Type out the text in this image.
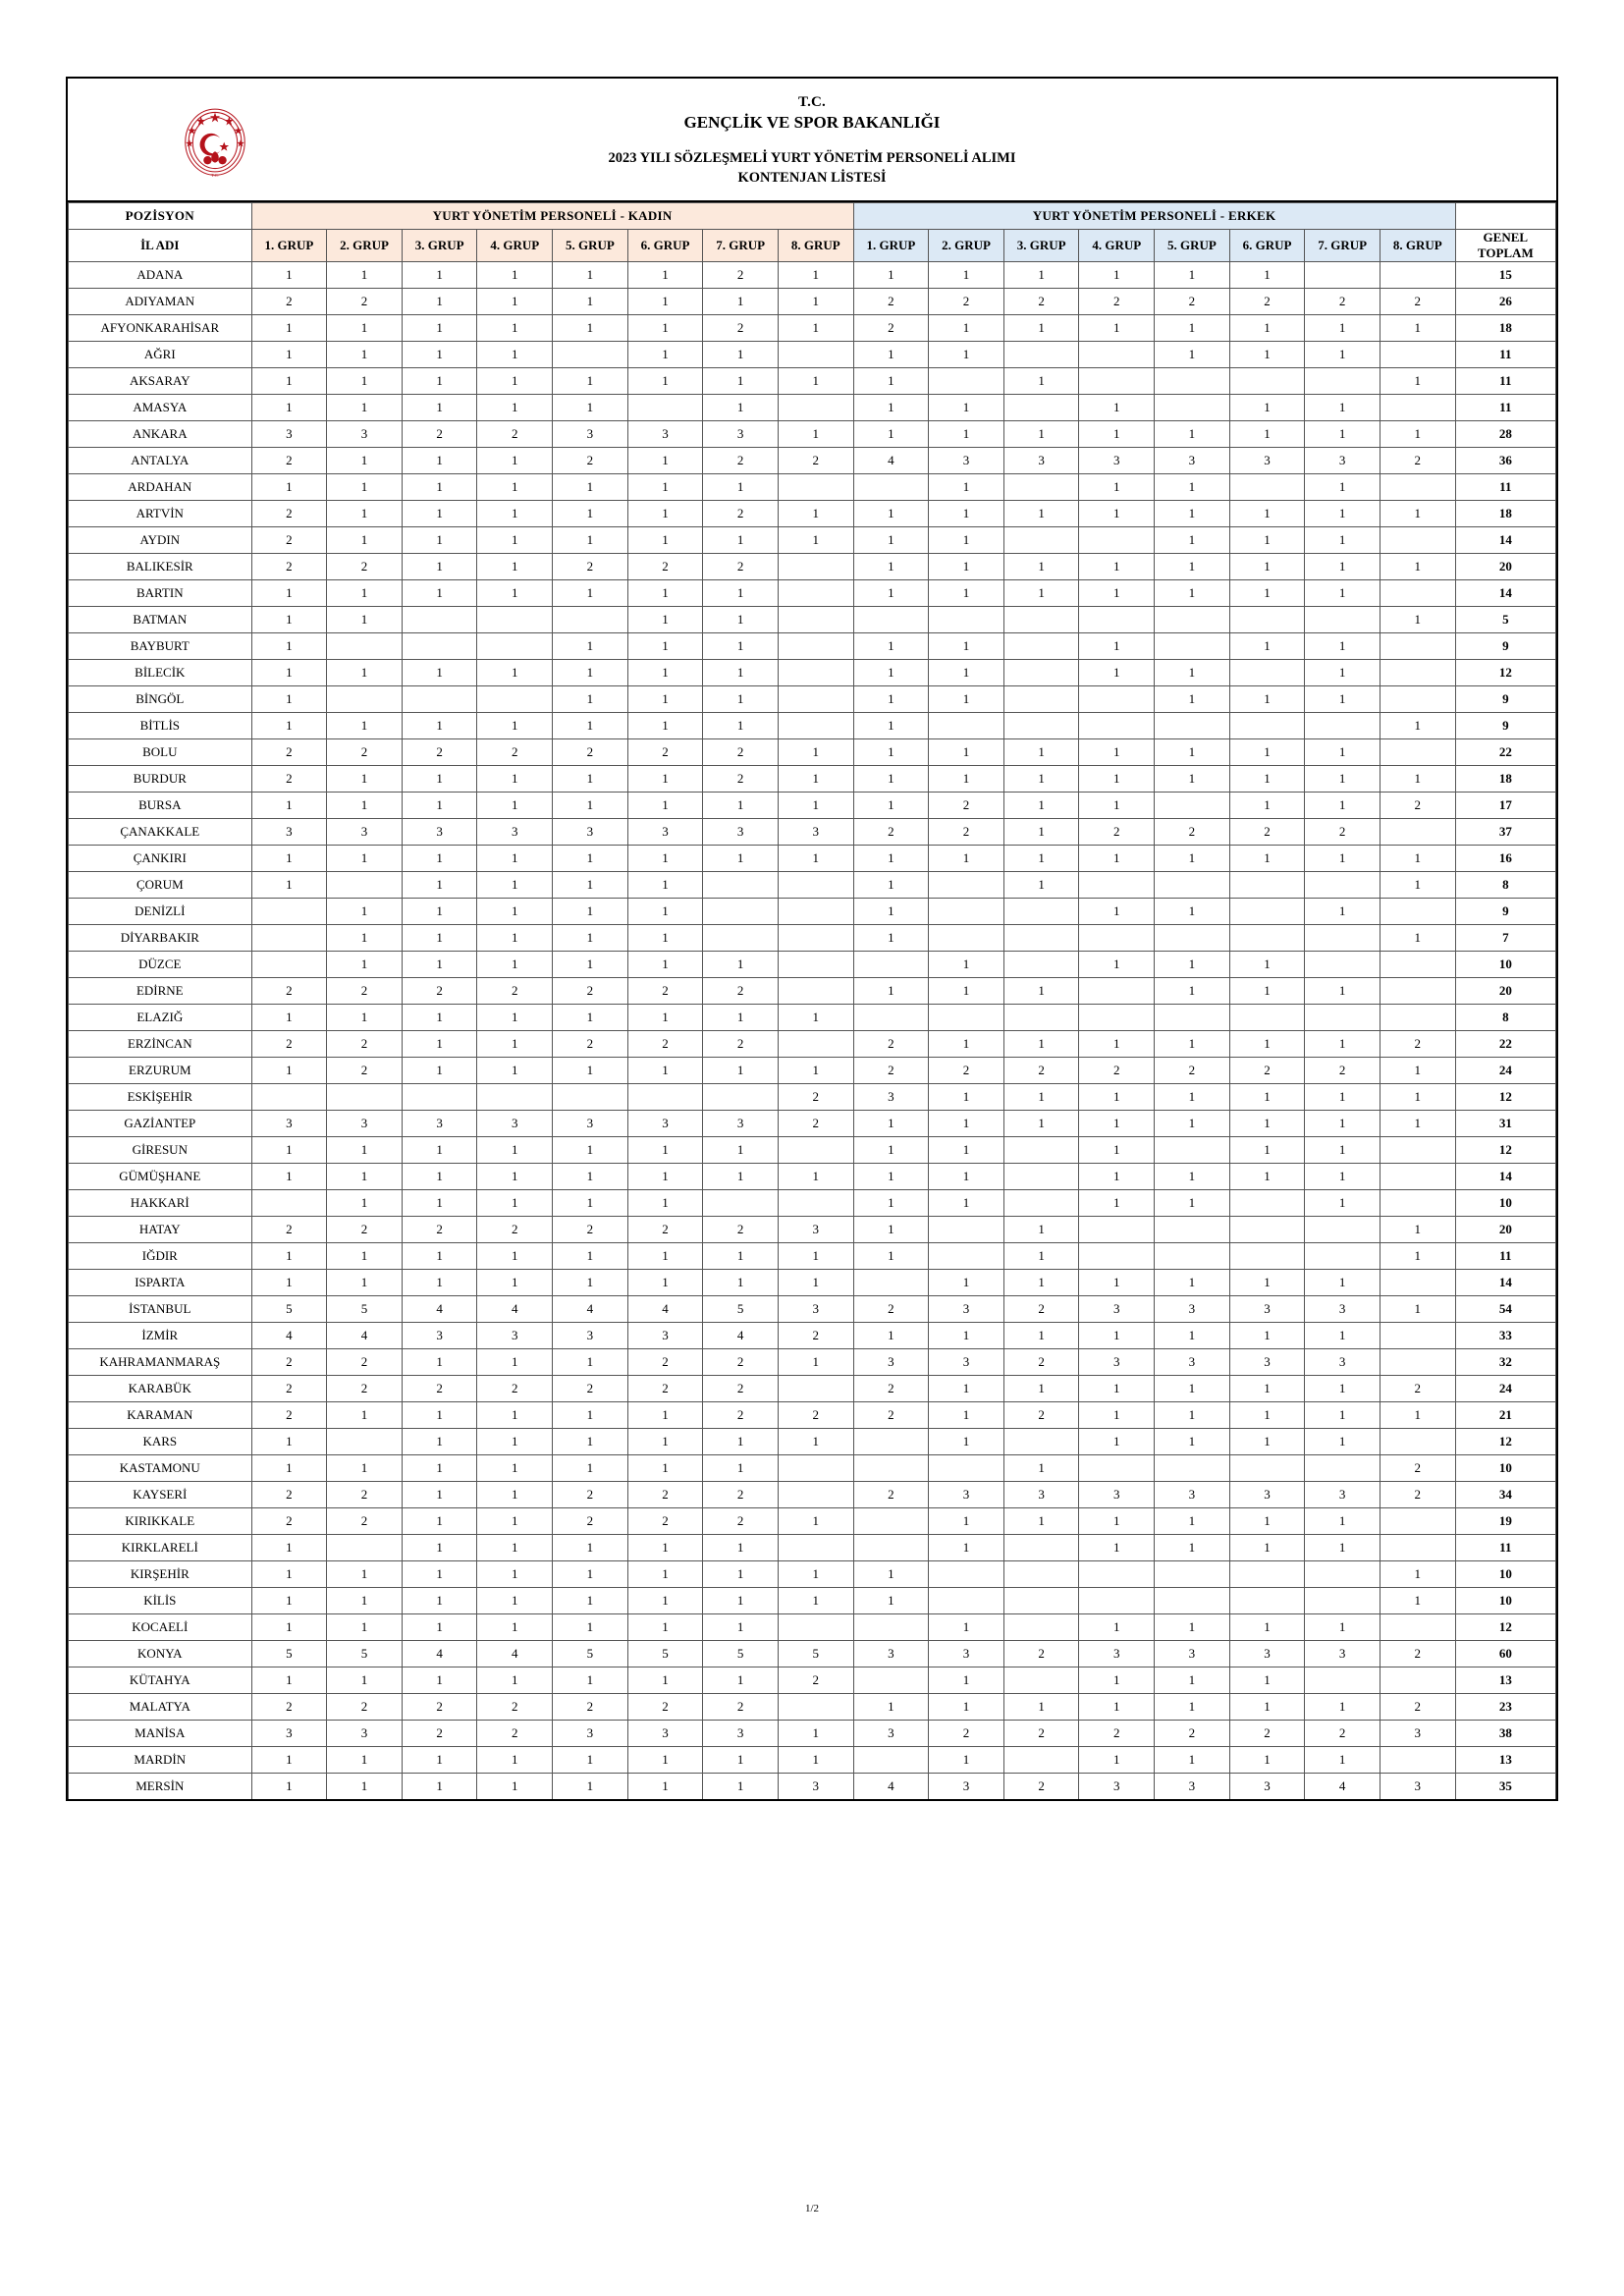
T.C.
T.C.
GENÇLİK VE SPOR BAKANLIĞI
2023 YILI SÖZLEŞMELİ YURT YÖNETİM PERSONELİ ALIMI
KONTENJAN LİSTESİ
POZİSYON	YURT YÖNETİM PERSONELİ - KADIN								YURT YÖNETİM PERSONELİ - ERKEK								
İL ADI	1. GRUP	2. GRUP	3. GRUP	4. GRUP	5. GRUP	6. GRUP	7. GRUP	8. GRUP	1. GRUP	2. GRUP	3. GRUP	4. GRUP	5. GRUP	6. GRUP	7. GRUP	8. GRUP	GENEL
TOPLAM
ADANA	1	1	1	1	1	1	2	1	1	1	1	1	1	1			15
ADIYAMAN	2	2	1	1	1	1	1	1	2	2	2	2	2	2	2	2	26
AFYONKARAHİSAR	1	1	1	1	1	1	2	1	2	1	1	1	1	1	1	1	18
AĞRI	1	1	1	1		1	1		1	1			1	1	1		11
AKSARAY	1	1	1	1	1	1	1	1	1		1					1	11
AMASYA	1	1	1	1	1		1		1	1		1		1	1		11
ANKARA	3	3	2	2	3	3	3	1	1	1	1	1	1	1	1	1	28
ANTALYA	2	1	1	1	2	1	2	2	4	3	3	3	3	3	3	2	36
ARDAHAN	1	1	1	1	1	1	1			1		1	1		1		11
ARTVİN	2	1	1	1	1	1	2	1	1	1	1	1	1	1	1	1	18
AYDIN	2	1	1	1	1	1	1	1	1	1			1	1	1		14
BALIKESİR	2	2	1	1	2	2	2		1	1	1	1	1	1	1	1	20
BARTIN	1	1	1	1	1	1	1		1	1	1	1	1	1	1		14
BATMAN	1	1				1	1									1	5
BAYBURT	1				1	1	1		1	1		1		1	1		9
BİLECİK	1	1	1	1	1	1	1		1	1		1	1		1		12
BİNGÖL	1				1	1	1		1	1			1	1	1		9
BİTLİS	1	1	1	1	1	1	1		1							1	9
BOLU	2	2	2	2	2	2	2	1	1	1	1	1	1	1	1		22
BURDUR	2	1	1	1	1	1	2	1	1	1	1	1	1	1	1	1	18
BURSA	1	1	1	1	1	1	1	1	1	2	1	1		1	1	2	17
ÇANAKKALE	3	3	3	3	3	3	3	3	2	2	1	2	2	2	2		37
ÇANKIRI	1	1	1	1	1	1	1	1	1	1	1	1	1	1	1	1	16
ÇORUM	1		1	1	1	1			1		1					1	8
DENİZLİ		1	1	1	1	1			1			1	1		1		9
DİYARBAKIR		1	1	1	1	1			1							1	7
DÜZCE		1	1	1	1	1	1			1		1	1	1			10
EDİRNE	2	2	2	2	2	2	2		1	1	1		1	1	1		20
ELAZIĞ	1	1	1	1	1	1	1	1									8
ERZİNCAN	2	2	1	1	2	2	2		2	1	1	1	1	1	1	2	22
ERZURUM	1	2	1	1	1	1	1	1	2	2	2	2	2	2	2	1	24
ESKİŞEHİR								2	3	1	1	1	1	1	1	1	12
GAZİANTEP	3	3	3	3	3	3	3	2	1	1	1	1	1	1	1	1	31
GİRESUN	1	1	1	1	1	1	1		1	1		1		1	1		12
GÜMÜŞHANE	1	1	1	1	1	1	1	1	1	1		1	1	1	1		14
HAKKARİ		1	1	1	1	1			1	1		1	1		1		10
HATAY	2	2	2	2	2	2	2	3	1		1					1	20
IĞDIR	1	1	1	1	1	1	1	1	1		1					1	11
ISPARTA	1	1	1	1	1	1	1	1		1	1	1	1	1	1		14
İSTANBUL	5	5	4	4	4	4	5	3	2	3	2	3	3	3	3	1	54
İZMİR	4	4	3	3	3	3	4	2	1	1	1	1	1	1	1		33
KAHRAMANMARAŞ	2	2	1	1	1	2	2	1	3	3	2	3	3	3	3		32
KARABÜK	2	2	2	2	2	2	2		2	1	1	1	1	1	1	2	24
KARAMAN	2	1	1	1	1	1	2	2	2	1	2	1	1	1	1	1	21
KARS	1		1	1	1	1	1	1		1		1	1	1	1		12
KASTAMONU	1	1	1	1	1	1	1				1					2	10
KAYSERİ	2	2	1	1	2	2	2		2	3	3	3	3	3	3	2	34
KIRIKKALE	2	2	1	1	2	2	2	1		1	1	1	1	1	1		19
KIRKLARELİ	1		1	1	1	1	1			1		1	1	1	1		11
KIRŞEHİR	1	1	1	1	1	1	1	1	1							1	10
KİLİS	1	1	1	1	1	1	1	1	1							1	10
KOCAELİ	1	1	1	1	1	1	1			1		1	1	1	1		12
KONYA	5	5	4	4	5	5	5	5	3	3	2	3	3	3	3	2	60
KÜTAHYA	1	1	1	1	1	1	1	2		1		1	1	1			13
MALATYA	2	2	2	2	2	2	2		1	1	1	1	1	1	1	2	23
MANİSA	3	3	2	2	3	3	3	1	3	2	2	2	2	2	2	3	38
MARDİN	1	1	1	1	1	1	1	1		1		1	1	1	1		13
MERSİN	1	1	1	1	1	1	1	3	4	3	2	3	3	3	4	3	35
1/2
